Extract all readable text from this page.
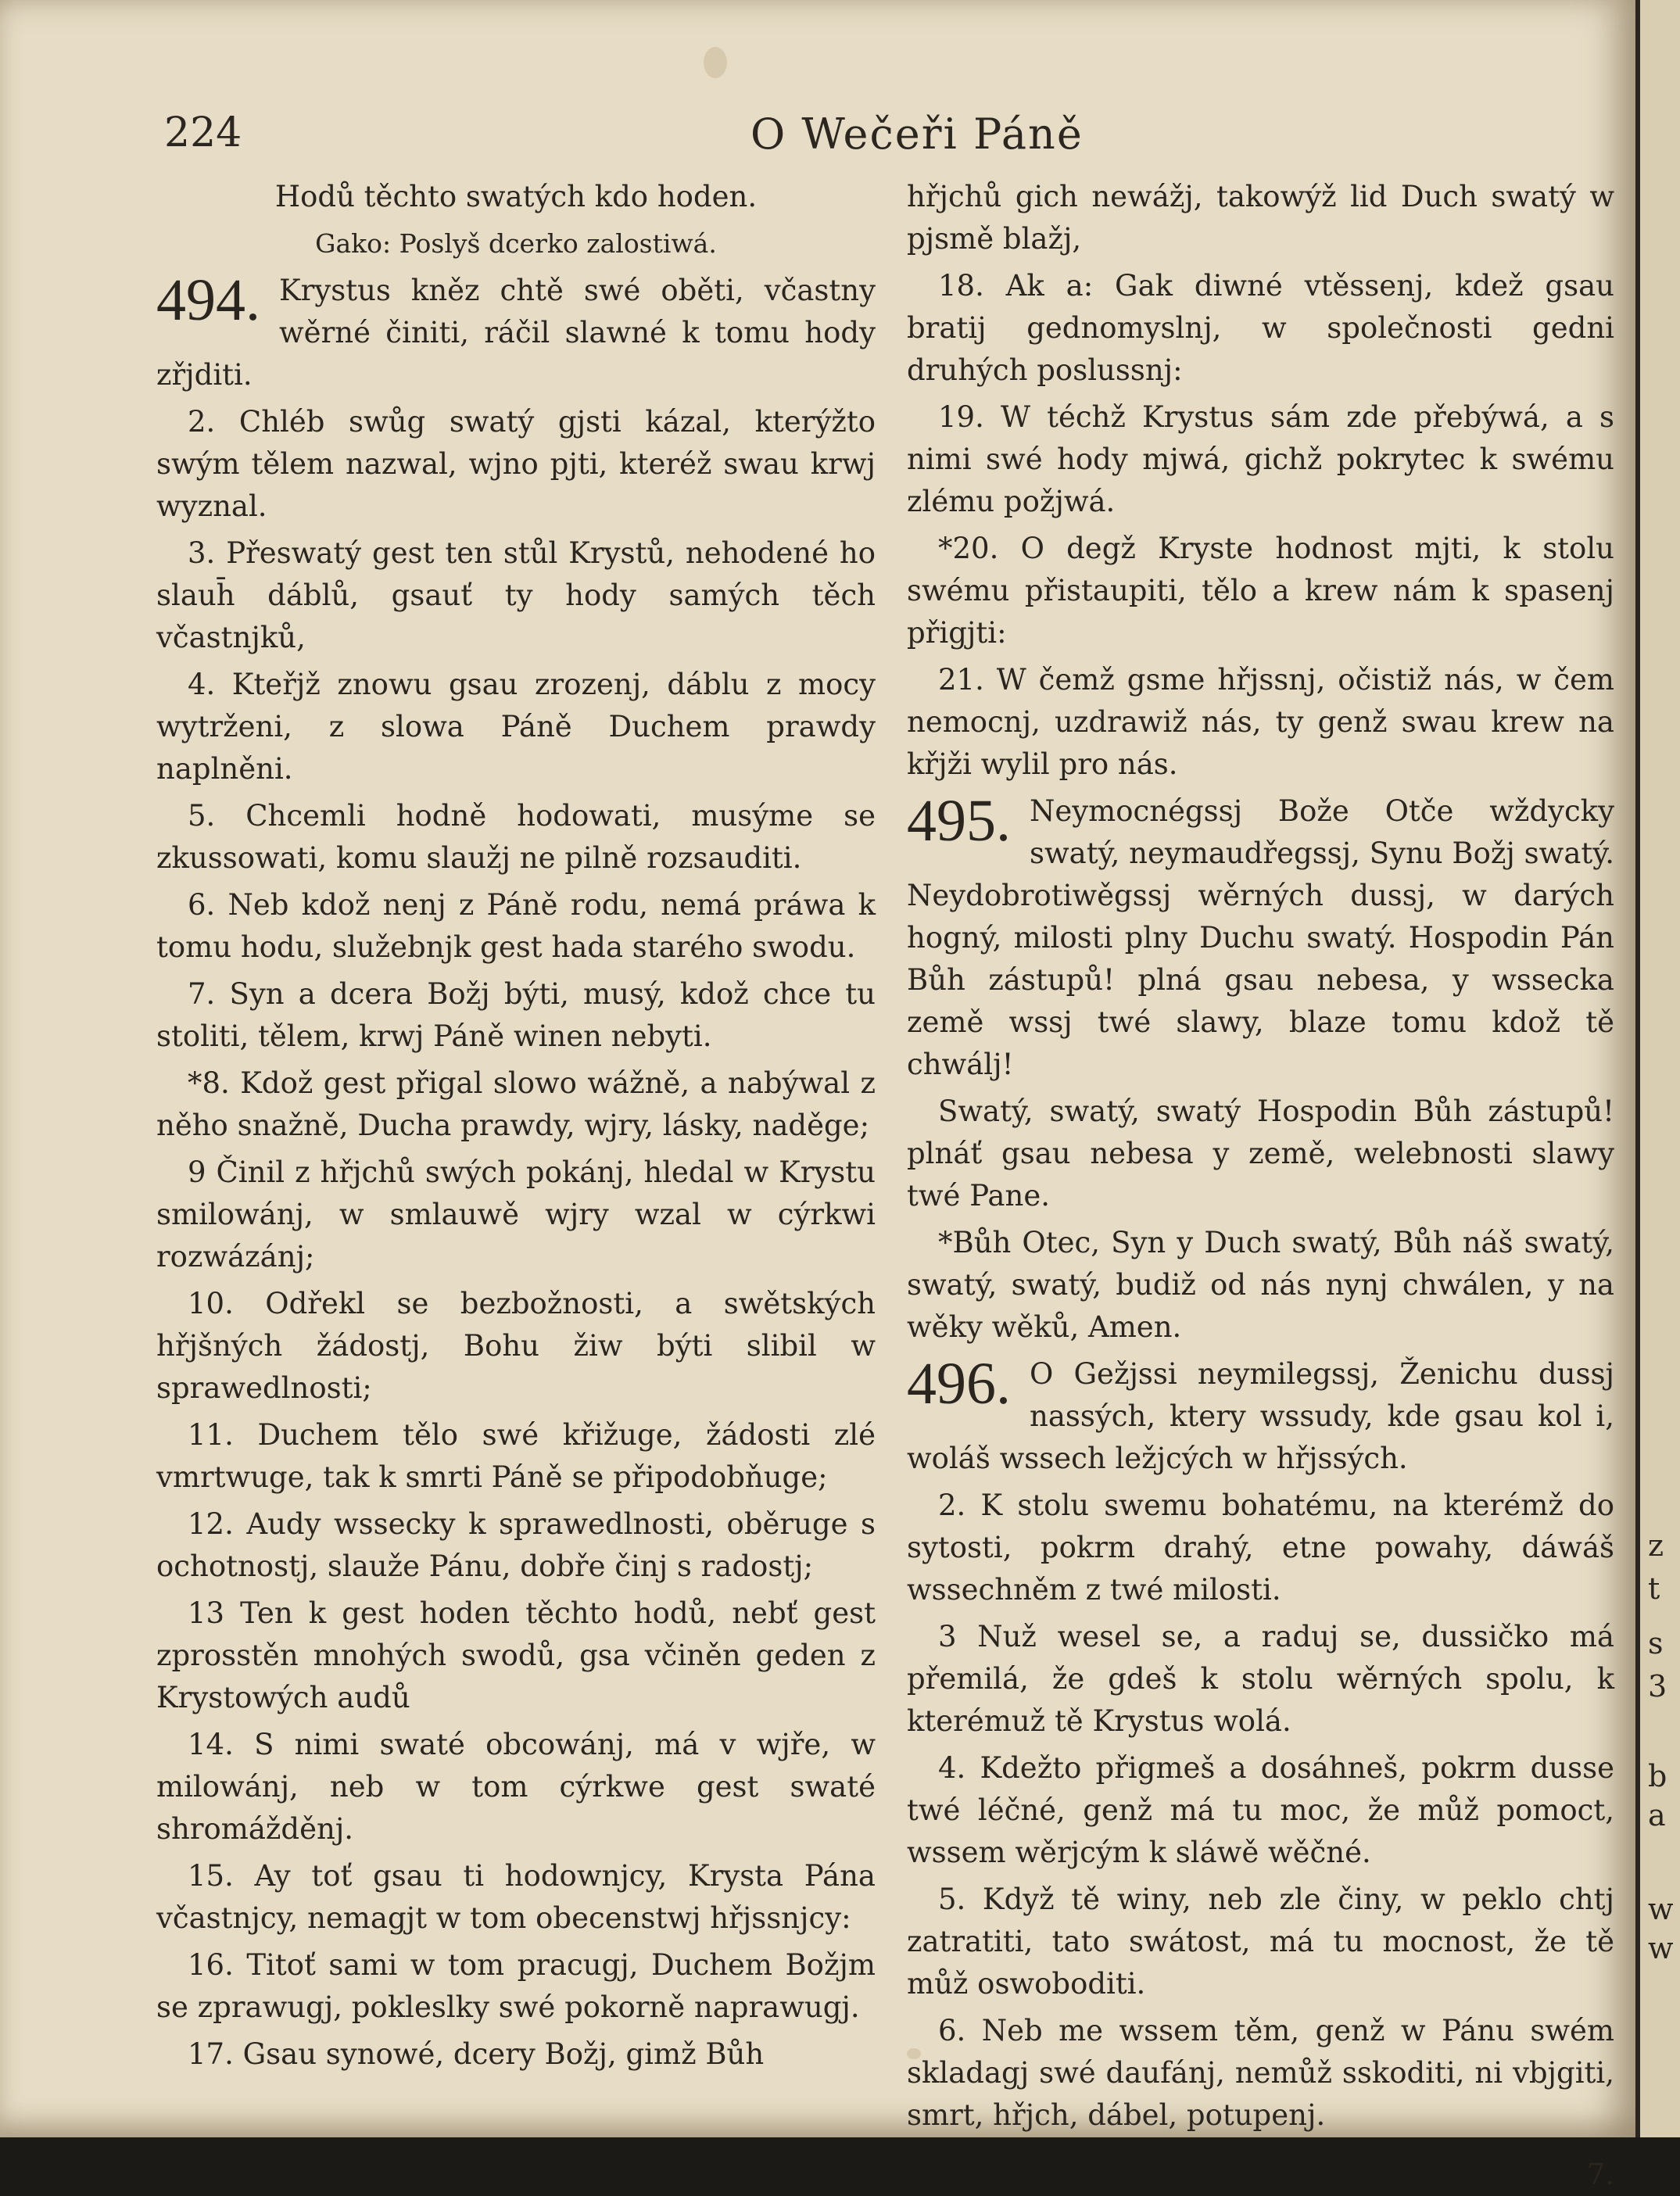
224	O Wečeři Páně

Hodů těchto swatých kdo hoden.

Gako: Poslyš dcerko zalostiwá.

494. Krystus kněz chtě swé oběti, včastny wěrné činiti, ráčil slawné k tomu hody zřjditi.

2. Chléb swůg swatý gjsti kázal, kterýžto swým tělem nazwal, wjno pjti, kteréž swau krwj wyznal.

3. Přeswatý gest ten stůl Krystů, nehodené ho slauh̄ dáblů, gsauť ty hody samých těch včastnjků,

4. Kteřjž znowu gsau zrozenj, dáblu z mocy wytrženi, z slowa Páně Duchem prawdy naplněni.

5. Chcemli hodně hodowati, musýme se zkussowati, komu slaužj ne pilně rozsauditi.

6. Neb kdož nenj z Páně rodu, nemá práwa k tomu hodu, služebnjk gest hada starého swodu.

7. Syn a dcera Božj býti, musý, kdož chce tu stoliti, tělem, krwj Páně winen nebyti.

*8. Kdož gest přigal slowo wážně, a nabýwal z něho snažně, Ducha prawdy, wjry, lásky, naděge;

9 Činil z hřjchů swých pokánj, hledal w Krystu smilowánj, w smlauwě wjry wzal w cýrkwi rozwázánj;

10. Odřekl se bezbožnosti, a swětských hřjšných žádostj, Bohu žiw býti slibil w sprawedlnosti;

11. Duchem tělo swé křižuge, žádosti zlé vmrtwuge, tak k smrti Páně se připodobňuge;

12. Audy wssecky k sprawedlnosti, oběruge s ochotnostj, slauže Pánu, dobře činj s radostj;

13 Ten k gest hoden těchto hodů, nebť gest zprosstěn mnohých swodů, gsa včiněn geden z Krystowých audů

14. S nimi swaté obcowánj, má v wjře, w milowánj, neb w tom cýrkwe gest swaté shromážděnj.

15. Ay toť gsau ti hodownjcy, Krysta Pána včastnjcy, nemagjt w tom obecenstwj hřjssnjcy:

16. Titoť sami w tom pracugj, Duchem Božjm se zprawugj, pokleslky swé pokorně naprawugj.

17. Gsau synowé, dcery Božj, gimž Bůh

hřjchů gich newážj, takowýž lid Duch swatý w pjsmě blažj,

18. Ak a: Gak diwné vtěssenj, kdež gsau bratij gednomyslnj, w společnosti gedni druhých poslussnj:

19. W téchž Krystus sám zde přebýwá, a s nimi swé hody mjwá, gichž pokrytec k swému zlému požjwá.

*20. O degž Kryste hodnost mjti, k stolu swému přistaupiti, tělo a krew nám k spasenj přigjti:

21. W čemž gsme hřjssnj, očistiž nás, w čem nemocnj, uzdrawiž nás, ty genž swau krew na křjži wylil pro nás.

495. Neymocnégssj Bože Otče wždycky swatý, neymaudřegssj, Synu Božj swatý. Neydobrotiwěgssj wěrných dussj, w darých hogný, milosti plny Duchu swatý. Hospodin Pán Bůh zástupů! plná gsau nebesa, y wssecka země wssj twé slawy, blaze tomu kdož tě chwálj!

Swatý, swatý, swatý Hospodin Bůh zástupů! plnáť gsau nebesa y země, welebnosti slawy twé Pane.

*Bůh Otec, Syn y Duch swatý, Bůh náš swatý, swatý, swatý, budiž od nás nynj chwálen, y na wěky wěků, Amen.

496. O Gežjssi neymilegssj, Ženichu dussj nassých, ktery wssudy, kde gsau kol i, woláš wssech ležjcých w hřjssých.

2. K stolu swemu bohatému, na kterémž do sytosti, pokrm drahý, etne powahy, dáwáš wssechněm z twé milosti.

3 Nuž wesel se, a raduj se, dussičko má přemilá, že gdeš k stolu wěrných spolu, k kterémuž tě Krystus wolá.

4. Kdežto přigmeš a dosáhneš, pokrm dusse twé léčné, genž má tu moc, že můž pomoct, wssem wěrjcým k sláwě wěčné.

5. Když tě winy, neb zle činy, w peklo chtj zatratiti, tato swátost, má tu mocnost, že tě můž oswoboditi.

6. Neb me wssem těm, genž w Pánu swém skladagj swé daufánj, nemůž sskoditi, ni vbjgiti, smrt, hřjch, dábel, potupenj.

7.
z
t
s
3
b
a
w
w
